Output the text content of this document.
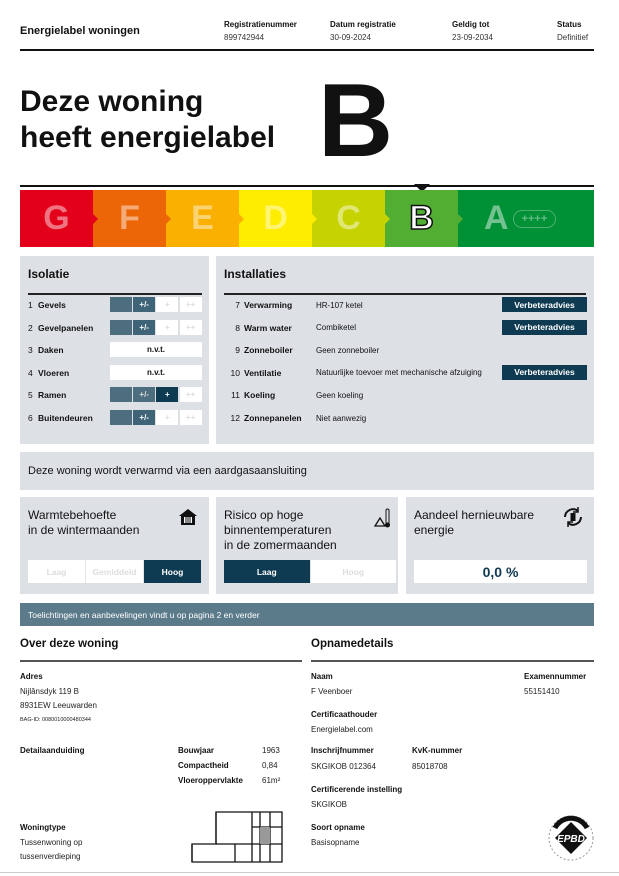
Energielabel woningen
Registratienummer
899742944
Datum registratie
30-09-2024
Geldig tot
23-09-2034
Status
Definitief
Deze woning
heeft energielabel B
G F E D C B A	++++
Isolatie
1 Gevels	+/-	+	++
2 Gevelpanelen	+/-	+	++
3 Daken	n.v.t.
4 Vloeren	n.v.t.
5 Ramen	+/-	+	++
6 Buitendeuren	+/-	+	++
Installaties
7 Verwarming	HR-107 ketel	Verbeteradvies
8 Warm water	Combiketel	Verbeteradvies
9 Zonneboiler	Geen zonneboiler
10 Ventilatie	Natuurlijke toevoer met mechanische afzuiging	Verbeteradvies
11 Koeling	Geen koeling
12 Zonnepanelen	Niet aanwezig
Deze woning wordt verwarmd via een aardgasaansluiting
Warmtebehoefte
in de wintermaanden
Laag	Gemiddeld	Hoog
Risico op hoge
binnentemperaturen
in de zomermaanden
Laag	Hoog
Aandeel hernieuwbare
energie
0,0 %
Toelichtingen en aanbevelingen vindt u op pagina 2 en verder
Over deze woning
Adres
Nijlânsdyk 119 B
8931EW Leeuwarden
BAG-ID: 0080010000480344
Detailaanduiding	Bouwjaar	1963
Compactheid	0,84
Vloeroppervlakte 61m²
Woningtype
Tussenwoning op
tussenverdieping
Opnamedetails
Naam
F Veenboer
Examennummer
55151410
Certificaathouder
Energielabel.com
Inschrijfnummer
SKGIKOB 012364
KvK-nummer
85018708
Certificerende instelling
SKGIKOB
Soort opname
Basisopname	EPBD
